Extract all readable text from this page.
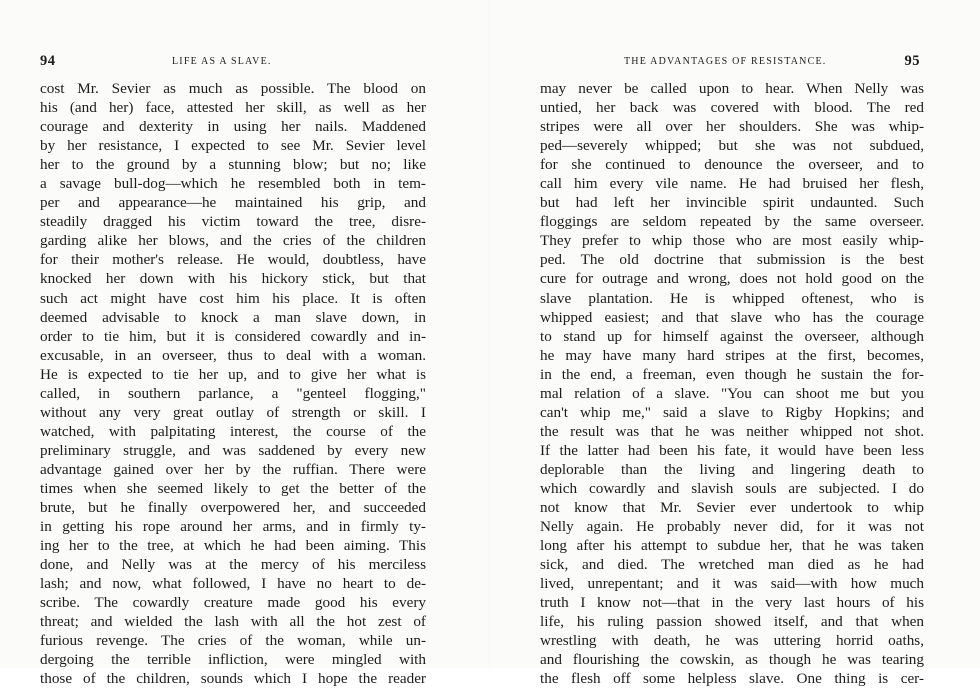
94	LIFE AS A SLAVE.
cost Mr. Sevier as much as possible. The blood on
his (and her) face, attested her skill, as well as her
courage and dexterity in using her nails. Maddened
by her resistance, I expected to see Mr. Sevier level
her to the ground by a stunning blow; but no; like
a savage bull-dog—which he resembled both in tem-
per and appearance—he maintained his grip, and
steadily dragged his victim toward the tree, disre-
garding alike her blows, and the cries of the children
for their mother's release. He would, doubtless, have
knocked her down with his hickory stick, but that
such act might have cost him his place. It is often
deemed advisable to knock a man slave down, in
order to tie him, but it is considered cowardly and in-
excusable, in an overseer, thus to deal with a woman.
He is expected to tie her up, and to give her what is
called, in southern parlance, a "genteel flogging,"
without any very great outlay of strength or skill. I
watched, with palpitating interest, the course of the
preliminary struggle, and was saddened by every new
advantage gained over her by the ruffian. There were
times when she seemed likely to get the better of the
brute, but he finally overpowered her, and succeeded
in getting his rope around her arms, and in firmly ty-
ing her to the tree, at which he had been aiming. This
done, and Nelly was at the mercy of his merciless
lash; and now, what followed, I have no heart to de-
scribe. The cowardly creature made good his every
threat; and wielded the lash with all the hot zest of
furious revenge. The cries of the woman, while un-
dergoing the terrible infliction, were mingled with
those of the children, sounds which I hope the reader
THE ADVANTAGES OF RESISTANCE.	95
may never be called upon to hear. When Nelly was
untied, her back was covered with blood. The red
stripes were all over her shoulders. She was whip-
ped—severely whipped; but she was not subdued,
for she continued to denounce the overseer, and to
call him every vile name. He had bruised her flesh,
but had left her invincible spirit undaunted. Such
floggings are seldom repeated by the same overseer.
They prefer to whip those who are most easily whip-
ped. The old doctrine that submission is the best
cure for outrage and wrong, does not hold good on the
slave plantation. He is whipped oftenest, who is
whipped easiest; and that slave who has the courage
to stand up for himself against the overseer, although
he may have many hard stripes at the first, becomes,
in the end, a freeman, even though he sustain the for-
mal relation of a slave. "You can shoot me but you
can't whip me," said a slave to Rigby Hopkins; and
the result was that he was neither whipped not shot.
If the latter had been his fate, it would have been less
deplorable than the living and lingering death to
which cowardly and slavish souls are subjected. I do
not know that Mr. Sevier ever undertook to whip
Nelly again. He probably never did, for it was not
long after his attempt to subdue her, that he was taken
sick, and died. The wretched man died as he had
lived, unrepentant; and it was said—with how much
truth I know not—that in the very last hours of his
life, his ruling passion showed itself, and that when
wrestling with death, he was uttering horrid oaths,
and flourishing the cowskin, as though he was tearing
the flesh off some helpless slave. One thing is cer-
